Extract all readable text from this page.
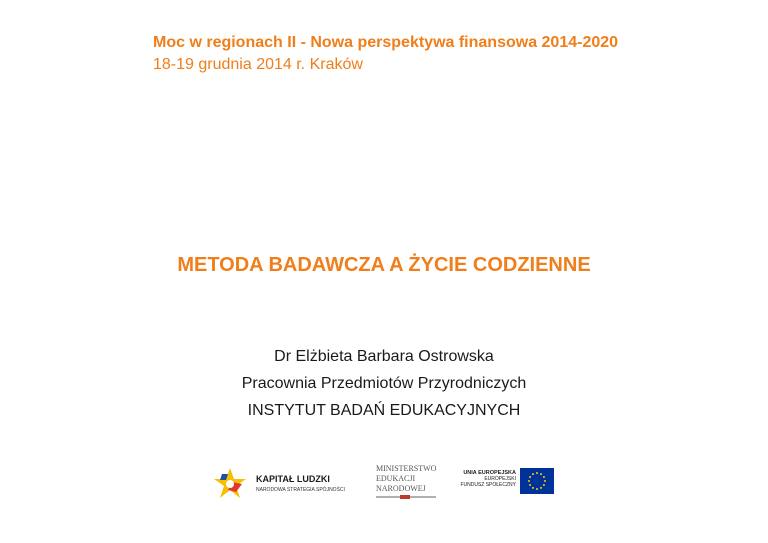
Moc w regionach II - Nowa perspektywa finansowa 2014-2020
18-19 grudnia 2014 r. Kraków
METODA BADAWCZA A ŻYCIE CODZIENNE
Dr Elżbieta Barbara Ostrowska
Pracownia Przedmiotów Przyrodniczych
INSTYTUT BADAŃ EDUKACYJNYCH
KAPITAŁ LUDZKI
NARODOWA STRATEGIA SPÓJNOŚCI
MINISTERSTWO
EDUKACJI
NARODOWEJ
UNIA EUROPEJSKA
EUROPEJSKI
FUNDUSZ SPOŁECZNY
